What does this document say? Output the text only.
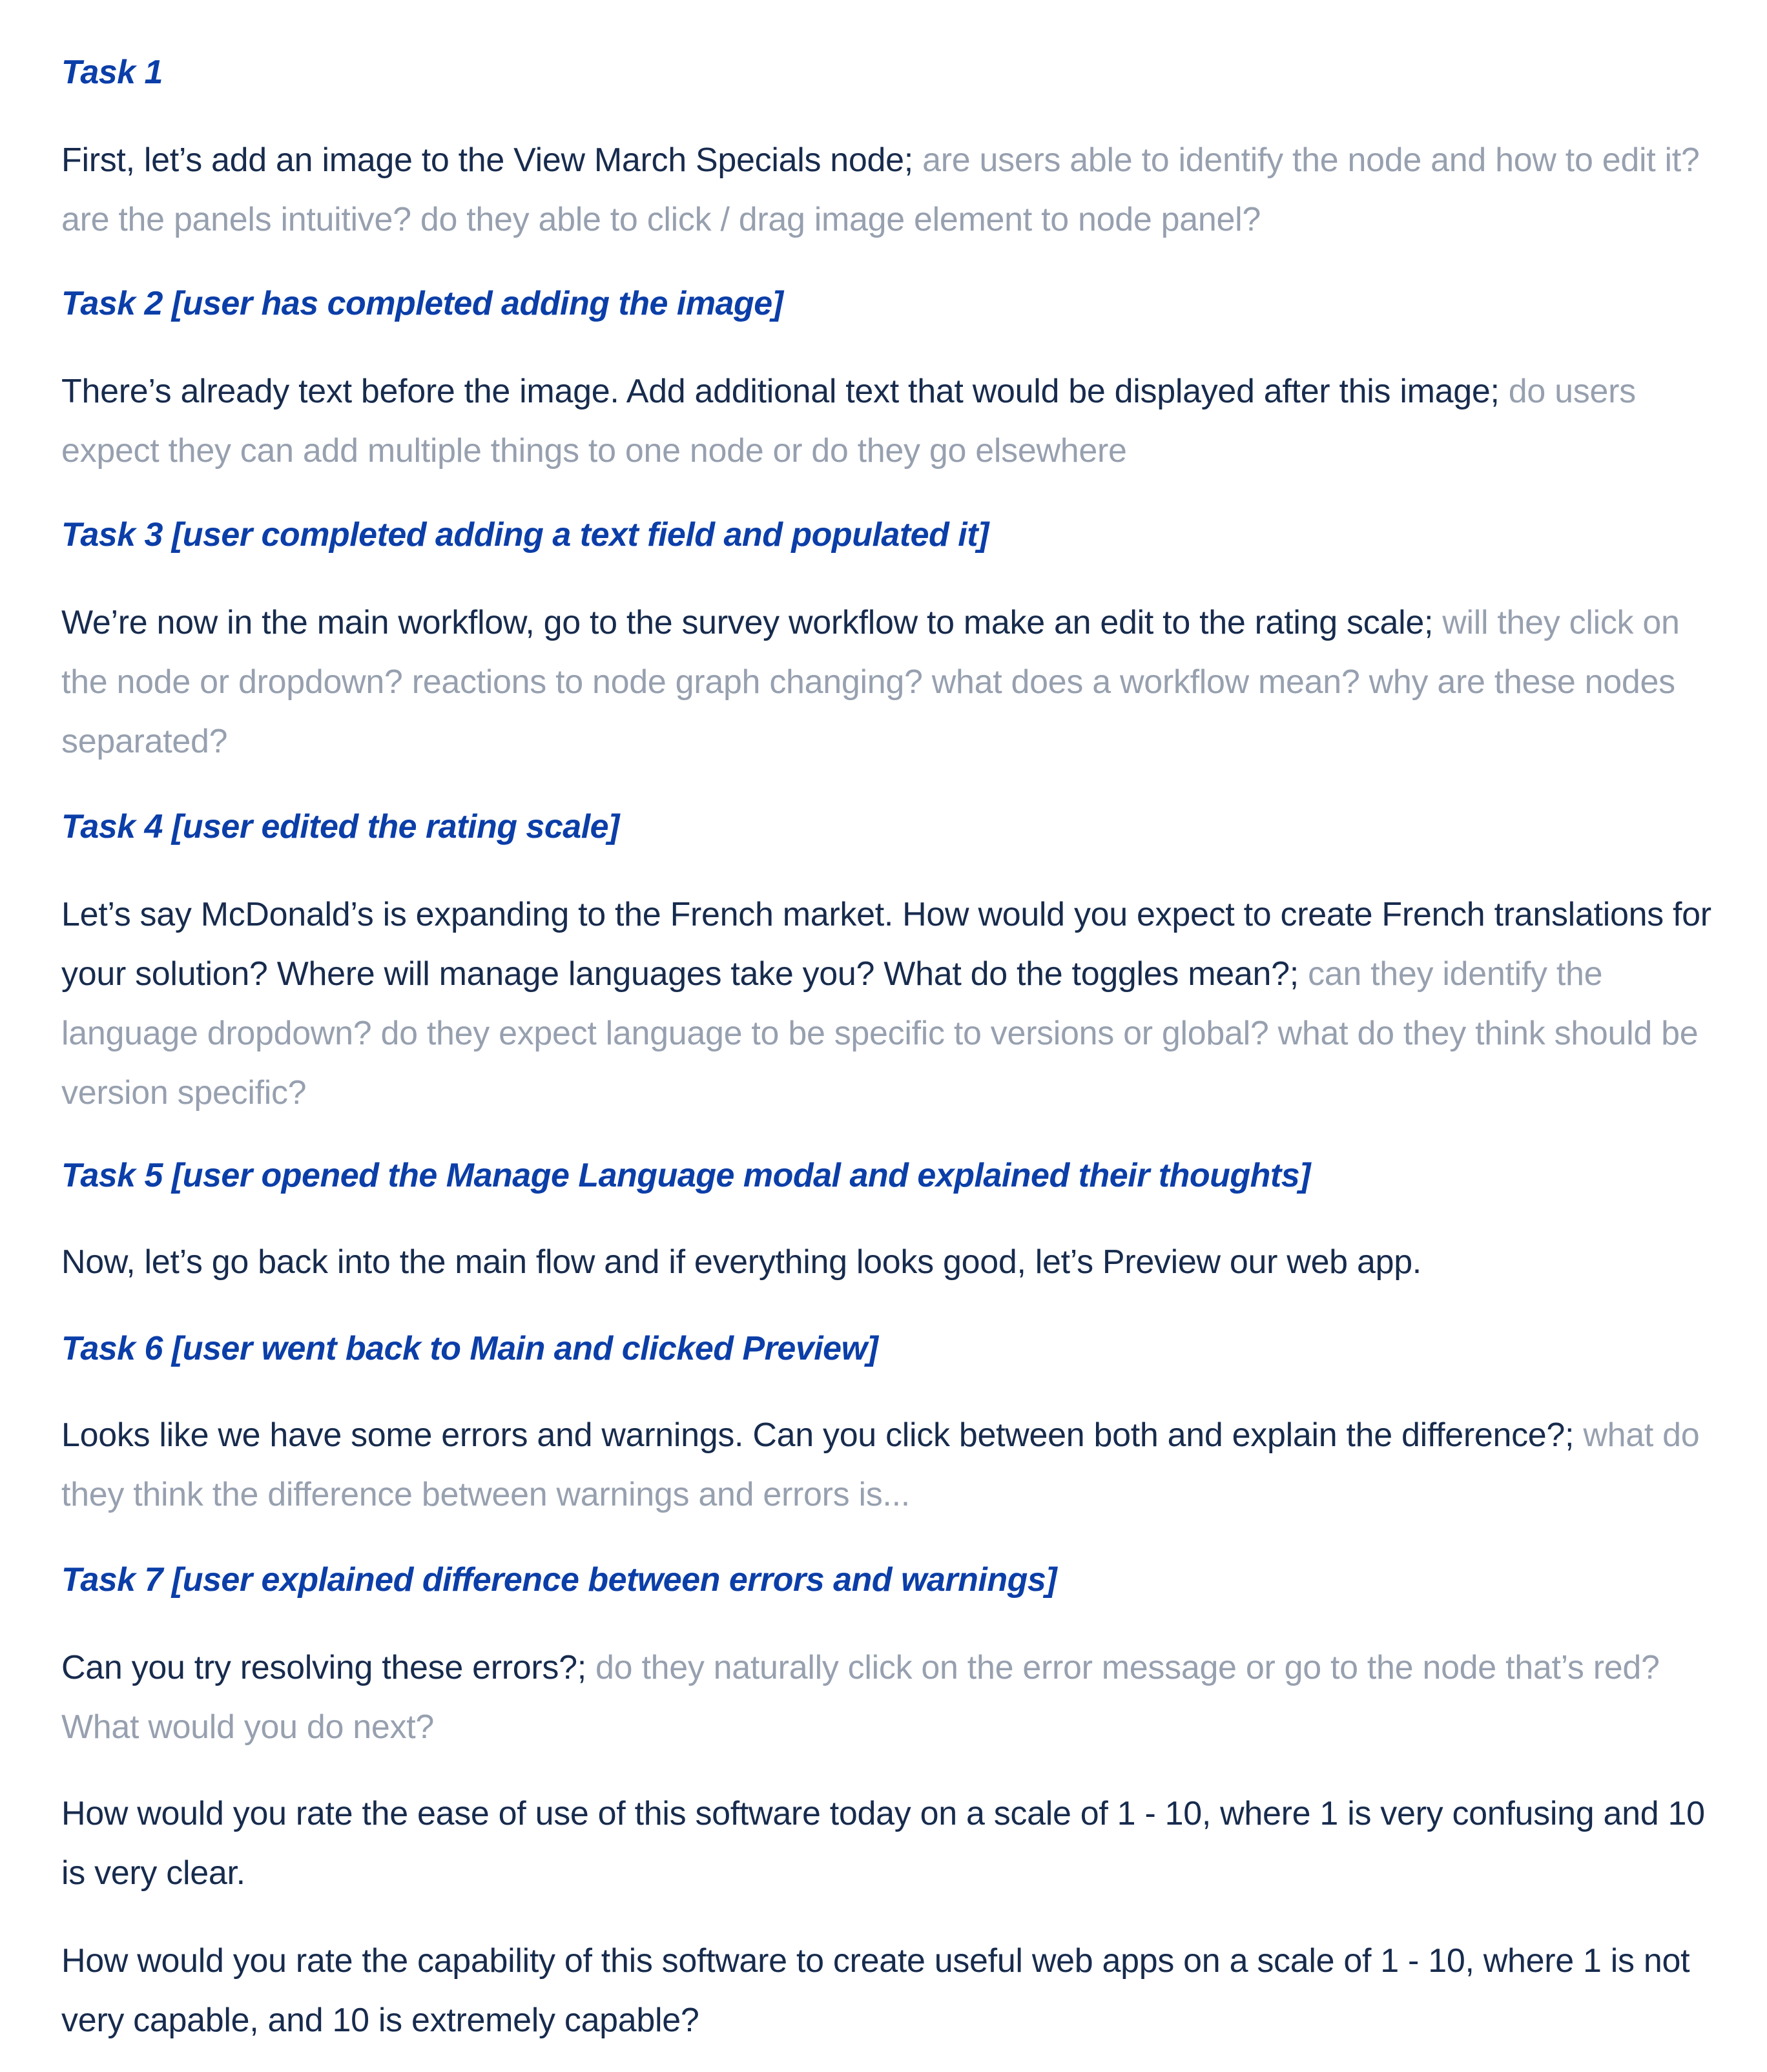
Task 1

First, let’s add an image to the View March Specials node; are users able to identify the node and how to edit it? are the panels intuitive? do they able to click / drag image element to node panel?

Task 2 [user has completed adding the image]

There’s already text before the image. Add additional text that would be displayed after this image; do users expect they can add multiple things to one node or do they go elsewhere

Task 3 [user completed adding a text field and populated it]

We’re now in the main workflow, go to the survey workflow to make an edit to the rating scale; will they click on the node or dropdown? reactions to node graph changing? what does a workflow mean? why are these nodes separated?

Task 4 [user edited the rating scale]

Let’s say McDonald’s is expanding to the French market. How would you expect to create French translations for your solution? Where will manage languages take you? What do the toggles mean?; can they identify the language dropdown? do they expect language to be specific to versions or global? what do they think should be version specific?

Task 5 [user opened the Manage Language modal and explained their thoughts]

Now, let’s go back into the main flow and if everything looks good, let’s Preview our web app.

Task 6 [user went back to Main and clicked Preview]

Looks like we have some errors and warnings. Can you click between both and explain the difference?; what do they think the difference between warnings and errors is...

Task 7 [user explained difference between errors and warnings]

Can you try resolving these errors?; do they naturally click on the error message or go to the node that’s red? What would you do next?

How would you rate the ease of use of this software today on a scale of 1 - 10, where 1 is very confusing and 10 is very clear.

How would you rate the capability of this software to create useful web apps on a scale of 1 - 10, where 1 is not very capable, and 10 is extremely capable?
